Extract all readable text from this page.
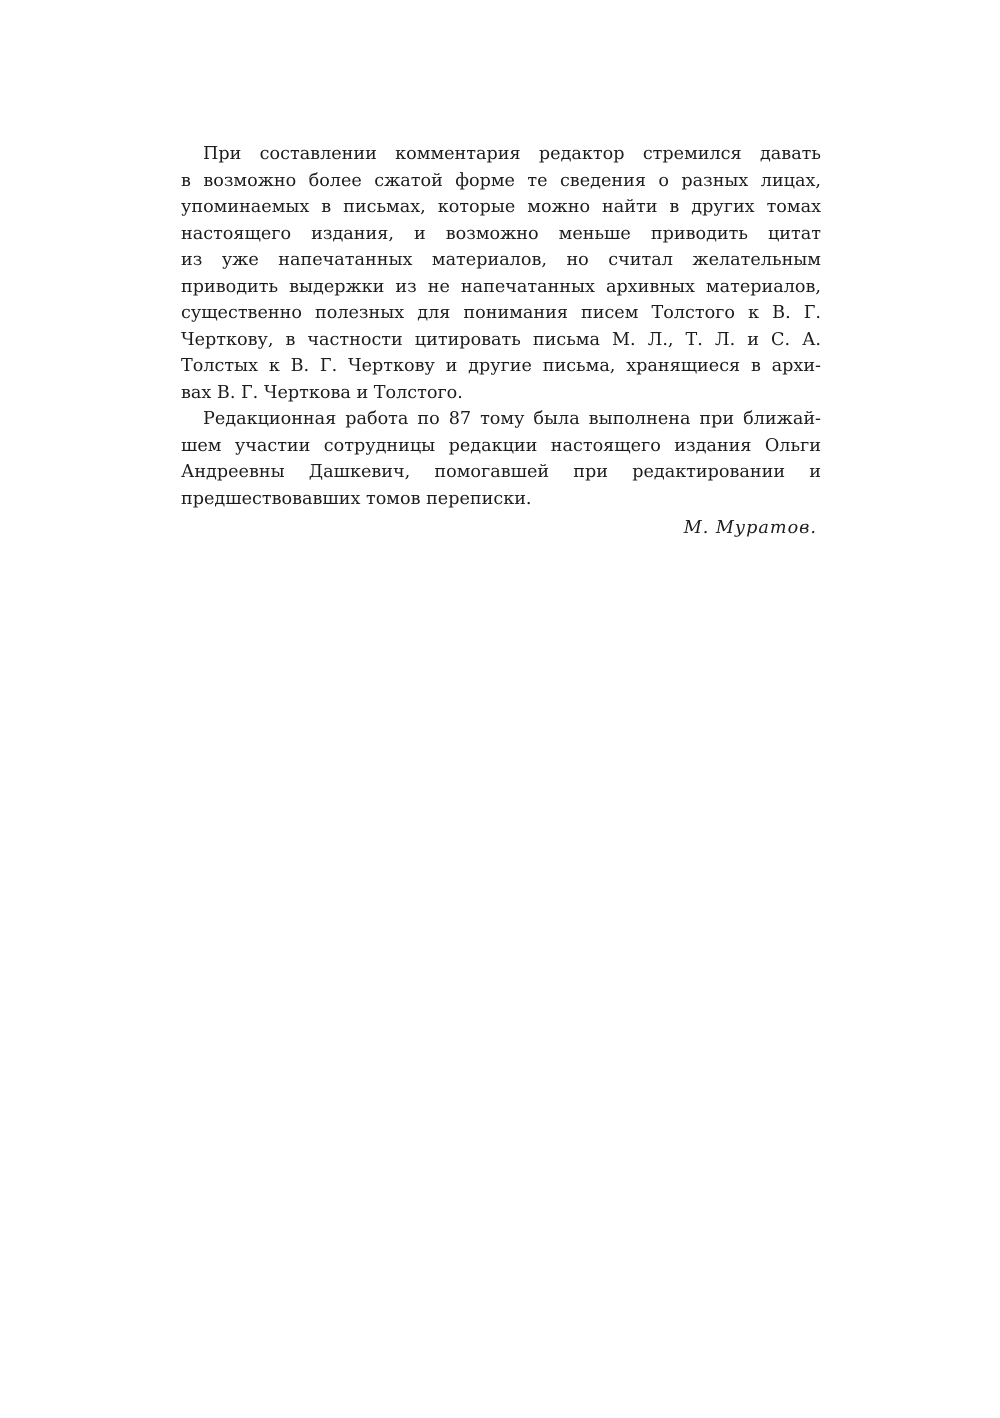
При составлении комментария редактор стремился давать
в возможно более сжатой форме те сведения о разных лицах,
упоминаемых в письмах, которые можно найти в других томах
настоящего издания, и возможно меньше приводить цитат
из уже напечатанных материалов, но считал желательным
приводить выдержки из не напечатанных архивных материалов,
существенно полезных для понимания писем Толстого к В. Г.
Черткову, в частности цитировать письма М. Л., Т. Л. и С. А.
Толстых к В. Г. Черткову и другие письма, хранящиеся в архи-
вах В. Г. Черткова и Толстого.
Редакционная работа по 87 тому была выполнена при ближай-
шем участии сотрудницы редакции настоящего издания Ольги
Андреевны Дашкевич, помогавшей при редактировании и
предшествовавших томов переписки.
М. Муратов.
